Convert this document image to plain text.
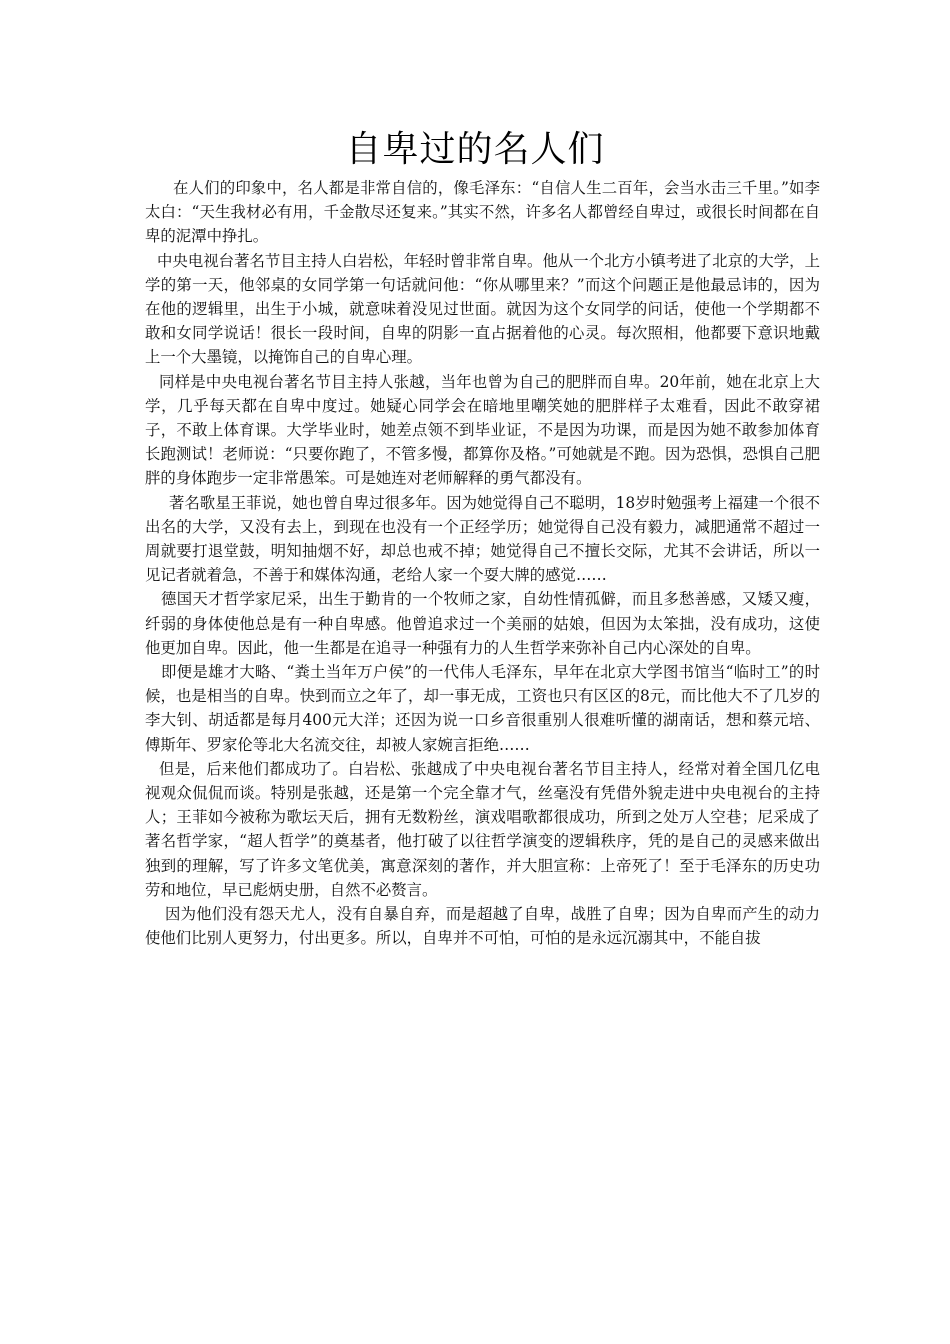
自卑过的名人们

在人们的印象中，名人都是非常自信的，像毛泽东：“自信人生二百年，会当水击三千里。”如李太白：“天生我材必有用，千金散尽还复来。”其实不然，许多名人都曾经自卑过，或很长时间都在自卑的泥潭中挣扎。

中央电视台著名节目主持人白岩松，年轻时曾非常自卑。他从一个北方小镇考进了北京的大学，上学的第一天，他邻桌的女同学第一句话就问他：“你从哪里来？”而这个问题正是他最忌讳的，因为在他的逻辑里，出生于小城，就意味着没见过世面。就因为这个女同学的问话，使他一个学期都不敢和女同学说话！很长一段时间，自卑的阴影一直占据着他的心灵。每次照相，他都要下意识地戴上一个大墨镜，以掩饰自己的自卑心理。

同样是中央电视台著名节目主持人张越，当年也曾为自己的肥胖而自卑。20年前，她在北京上大学，几乎每天都在自卑中度过。她疑心同学会在暗地里嘲笑她的肥胖样子太难看，因此不敢穿裙子，不敢上体育课。大学毕业时，她差点领不到毕业证，不是因为功课，而是因为她不敢参加体育长跑测试！老师说：“只要你跑了，不管多慢，都算你及格。”可她就是不跑。因为恐惧，恐惧自己肥胖的身体跑步一定非常愚笨。可是她连对老师解释的勇气都没有。

著名歌星王菲说，她也曾自卑过很多年。因为她觉得自己不聪明，18岁时勉强考上福建一个很不出名的大学，又没有去上，到现在也没有一个正经学历；她觉得自己没有毅力，减肥通常不超过一周就要打退堂鼓，明知抽烟不好，却总也戒不掉；她觉得自己不擅长交际，尤其不会讲话，所以一见记者就着急，不善于和媒体沟通，老给人家一个耍大牌的感觉……

德国天才哲学家尼采，出生于勤肯的一个牧师之家，自幼性情孤僻，而且多愁善感，又矮又瘦，纤弱的身体使他总是有一种自卑感。他曾追求过一个美丽的姑娘，但因为太笨拙，没有成功，这使他更加自卑。因此，他一生都是在追寻一种强有力的人生哲学来弥补自己内心深处的自卑。

即便是雄才大略、“粪土当年万户侯”的一代伟人毛泽东，早年在北京大学图书馆当“临时工”的时候，也是相当的自卑。快到而立之年了，却一事无成，工资也只有区区的8元，而比他大不了几岁的李大钊、胡适都是每月400元大洋；还因为说一口乡音很重别人很难听懂的湖南话，想和蔡元培、傅斯年、罗家伦等北大名流交往，却被人家婉言拒绝……

但是，后来他们都成功了。白岩松、张越成了中央电视台著名节目主持人，经常对着全国几亿电视观众侃侃而谈。特别是张越，还是第一个完全靠才气，丝毫没有凭借外貌走进中央电视台的主持人；王菲如今被称为歌坛天后，拥有无数粉丝，演戏唱歌都很成功，所到之处万人空巷；尼采成了著名哲学家，“超人哲学”的奠基者，他打破了以往哲学演变的逻辑秩序，凭的是自己的灵感来做出独到的理解，写了许多文笔优美，寓意深刻的著作，并大胆宣称：上帝死了！至于毛泽东的历史功劳和地位，早已彪炳史册，自然不必赘言。

因为他们没有怨天尤人，没有自暴自弃，而是超越了自卑，战胜了自卑；因为自卑而产生的动力使他们比别人更努力，付出更多。所以，自卑并不可怕，可怕的是永远沉溺其中，不能自拔
